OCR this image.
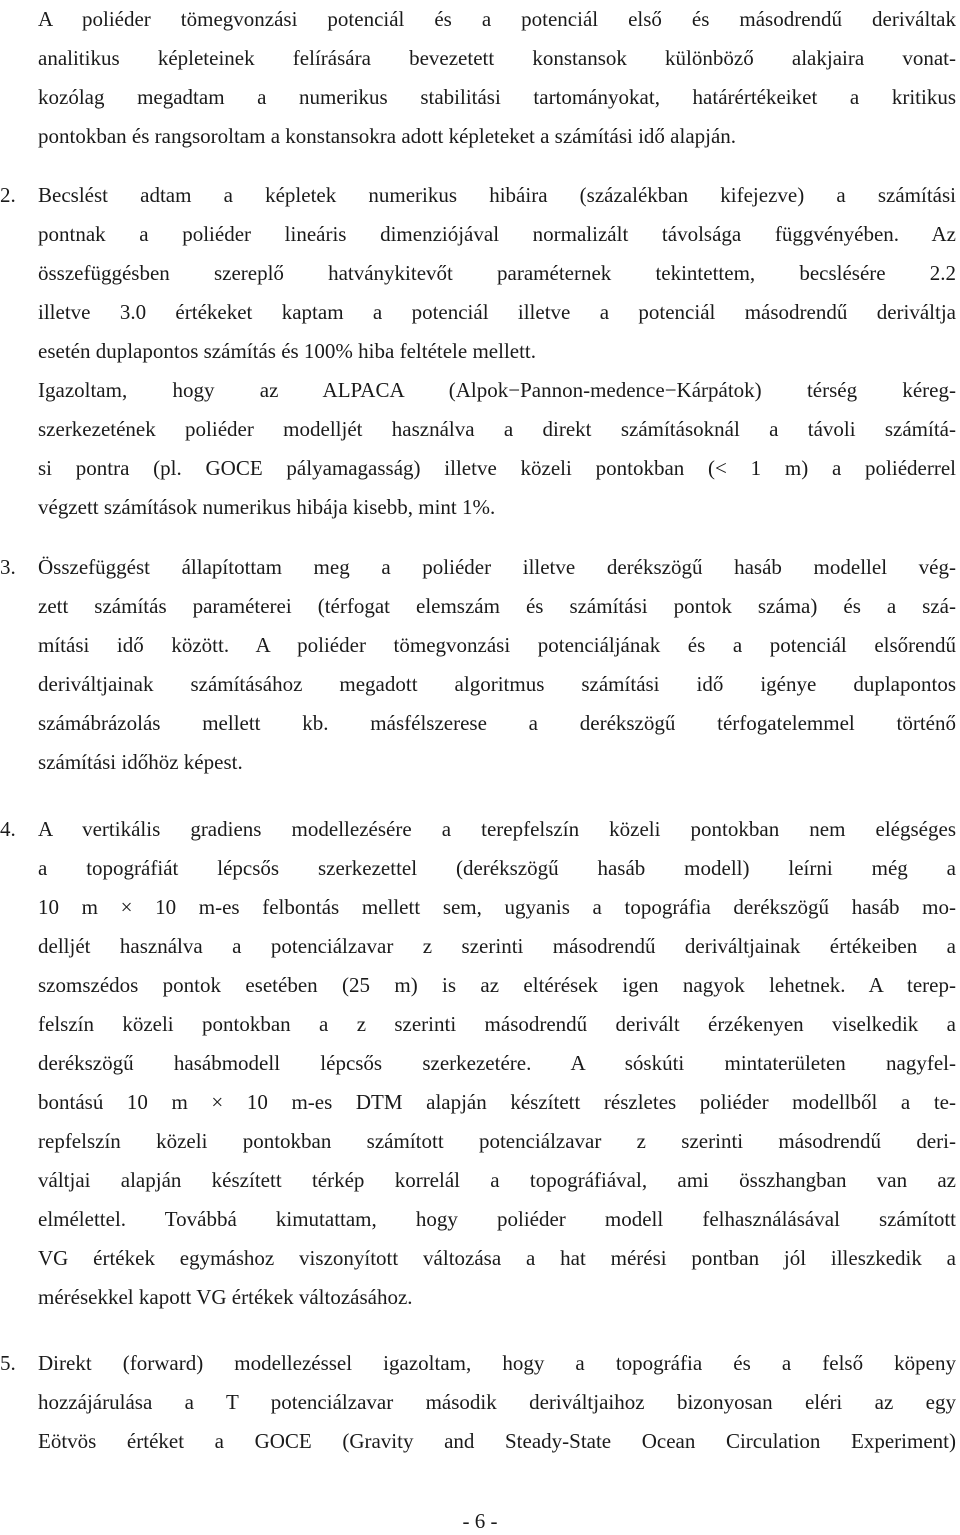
A poliéder tömegvonzási potenciál és a potenciál első és másodrendű deriváltak
analitikus képleteinek felírására bevezetett konstansok különböző alakjaira vonat-
kozólag megadtam a numerikus stabilitási tartományokat, határértékeiket a kritikus
pontokban és rangsoroltam a konstansokra adott képleteket a számítási idő alapján.
2. Becslést adtam a képletek numerikus hibáira (százalékban kifejezve) a számítási
pontnak a poliéder lineáris dimenziójával normalizált távolsága függvényében. Az
összefüggésben szereplő hatványkitevőt paraméternek tekintettem, becslésére 2.2
illetve 3.0 értékeket kaptam a potenciál illetve a potenciál másodrendű deriváltja
esetén duplapontos számítás és 100% hiba feltétele mellett.
Igazoltam, hogy az ALPACA (Alpok−Pannon-medence−Kárpátok) térség kéreg-
szerkezetének poliéder modelljét használva a direkt számításoknál a távoli számítá-
si pontra (pl. GOCE pályamagasság) illetve közeli pontokban (< 1 m) a poliéderrel
végzett számítások numerikus hibája kisebb, mint 1%.
3. Összefüggést állapítottam meg a poliéder illetve derékszögű hasáb modellel vég-
zett számítás paraméterei (térfogat elemszám és számítási pontok száma) és a szá-
mítási idő között. A poliéder tömegvonzási potenciáljának és a potenciál elsőrendű
deriváltjainak számításához megadott algoritmus számítási idő igénye duplapontos
számábrázolás mellett kb. másfélszerese a derékszögű térfogatelemmel történő
számítási időhöz képest.
4. A vertikális gradiens modellezésére a terepfelszín közeli pontokban nem elégséges
a topográfiát lépcsős szerkezettel (derékszögű hasáb modell) leírni még a
10 m × 10 m-es felbontás mellett sem, ugyanis a topográfia derékszögű hasáb mo-
delljét használva a potenciálzavar z szerinti másodrendű deriváltjainak értékeiben a
szomszédos pontok esetében (25 m) is az eltérések igen nagyok lehetnek. A terep-
felszín közeli pontokban a z szerinti másodrendű derivált érzékenyen viselkedik a
derékszögű hasábmodell lépcsős szerkezetére. A sóskúti mintaterületen nagyfel-
bontású 10 m × 10 m-es DTM alapján készített részletes poliéder modellből a te-
repfelszín közeli pontokban számított potenciálzavar z szerinti másodrendű deri-
váltjai alapján készített térkép korrelál a topográfiával, ami összhangban van az
elmélettel. Továbbá kimutattam, hogy poliéder modell felhasználásával számított
VG értékek egymáshoz viszonyított változása a hat mérési pontban jól illeszkedik a
mérésekkel kapott VG értékek változásához.
5. Direkt (forward) modellezéssel igazoltam, hogy a topográfia és a felső köpeny
hozzájárulása a T potenciálzavar második deriváltjaihoz bizonyosan eléri az egy
Eötvös értéket a GOCE (Gravity and Steady-State Ocean Circulation Experiment)
- 6 -
